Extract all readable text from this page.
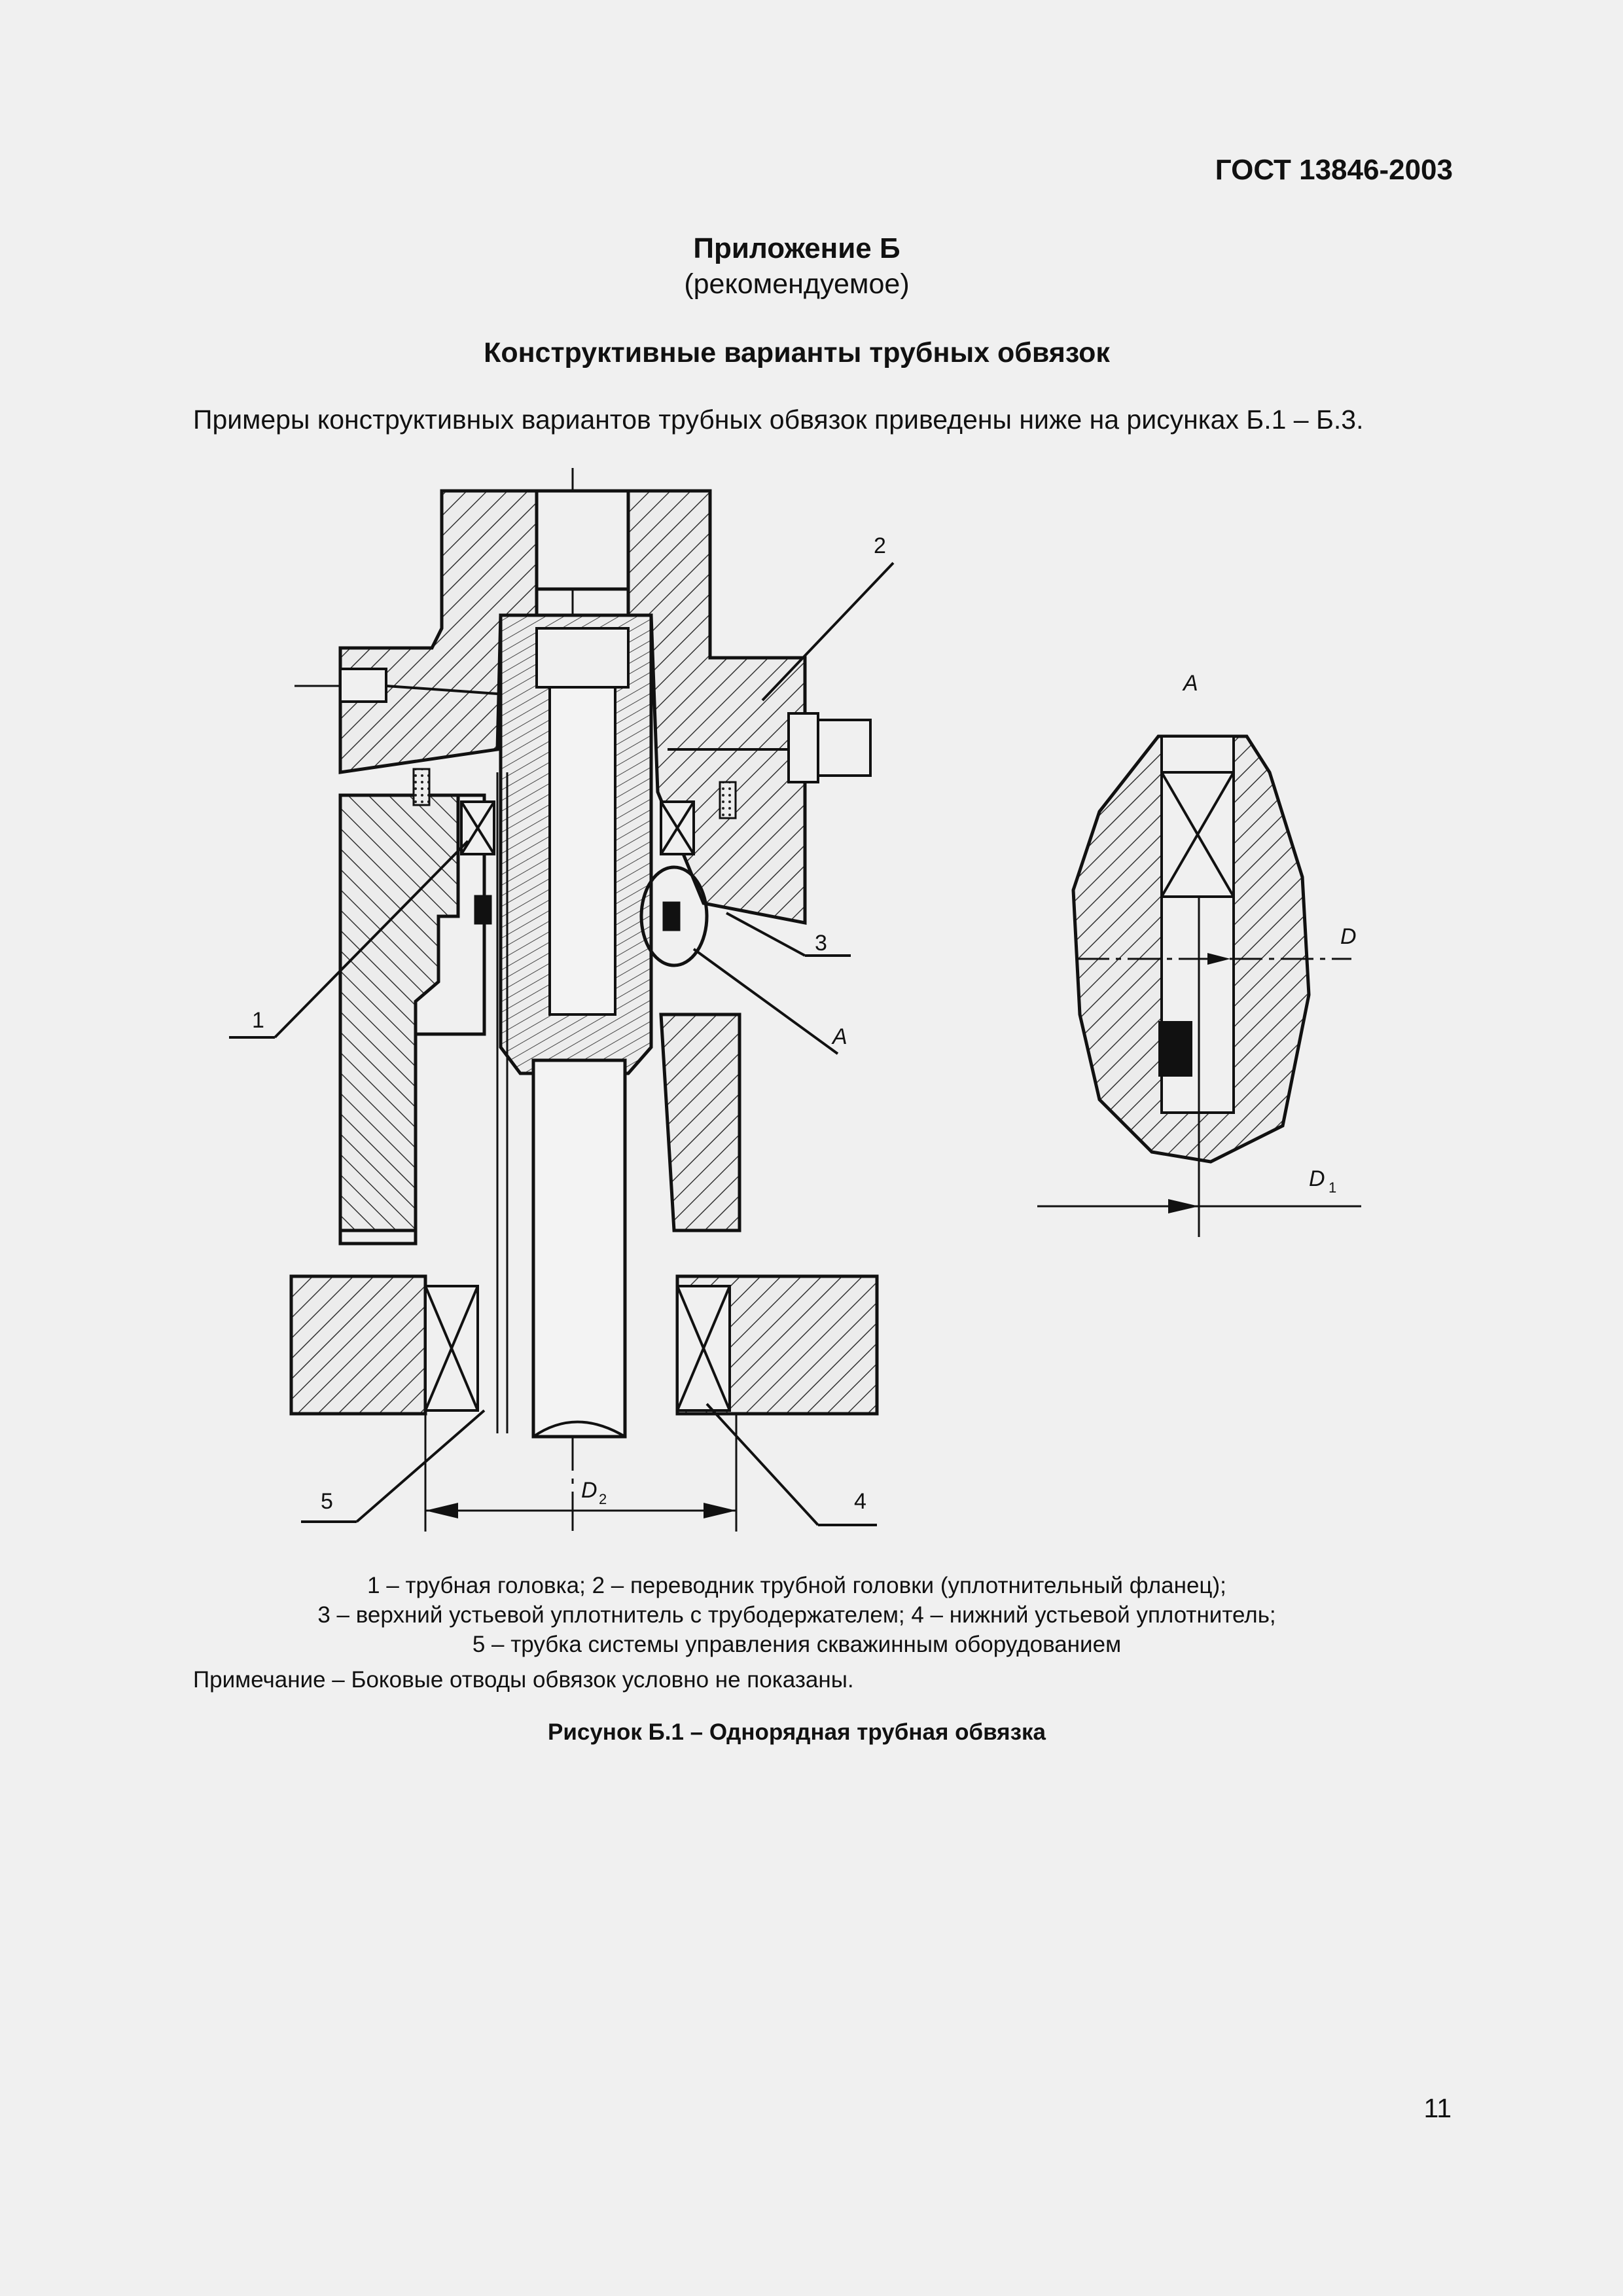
ГОСТ 13846-2003
Приложение Б
(рекомендуемое)
Конструктивные варианты трубных обвязок
Примеры конструктивных вариантов трубных обвязок приведены ниже на рисунках Б.1 – Б.3.
1
2
3
4
5
А
А
D
D 1
D 2
1 – трубная головка; 2 – переводник трубной головки (уплотнительный фланец);
3 – верхний устьевой уплотнитель с трубодержателем; 4 – нижний устьевой уплотнитель;
5 – трубка системы управления скважинным оборудованием
Примечание – Боковые отводы обвязок условно не показаны.
Рисунок Б.1 – Однорядная трубная обвязка
11
